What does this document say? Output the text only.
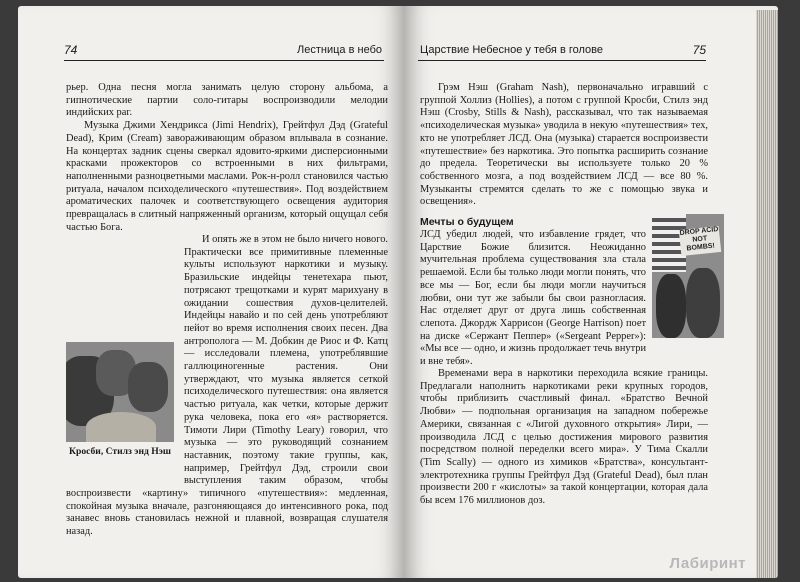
74	Лестница в небо

рьер. Одна песня могла занимать целую сторону альбома, а гипнотические партии соло-гитары воспроизводили мелодии индийских раг.

Музыка Джими Хендрикса (Jimi Hendrix), Грейтфул Дэд (Grateful Dead), Крим (Cream) завораживающим образом вплывала в сознание. На концертах задник сцены сверкал ядовито-яркими дисперсионными красками прожекторов со встроенными в них фильтрами, наполненными разноцветными маслами. Рок-н-ролл становился частью ритуала, началом психоделического «путешествия». Под воздействием ароматических палочек и соответствующего освещения аудитория превращалась в слитный напряженный организм, который ощущал себя частью Бога.

И опять же в этом не было ничего нового. Практически все примитивные племенные культы используют наркотики и музыку. Бразильские индейцы тенетехара пьют, потрясают трещотками и курят марихуану в ожидании сошествия духов-целителей. Индейцы навайо и по сей день употребляют пейот во время исполнения своих песен. Два антрополога — М. Добкин де Риос и Ф. Катц — исследовали племена, употреблявшие галлюциногенные растения. Они утверждают, что музыка является сеткой психоделического путешествия: она является частью ритуала, как четки, которые держит рука человека, пока его «я» растворяется. Тимоти Лири (Timothy Leary) говорил, что музыка — это руководящий сознанием наставник, поэтому такие группы, как, например, Грейтфул Дэд, строили свои выступления таким образом, чтобы воспроизвести «картину» типичного «путешествия»: медленная, спокойная музыка вначале, разгоняющаяся до интенсивного рока, под занавес вновь становилась нежной и плавной, возвращая слушателя назад.

Кросби, Стилз энд Нэш
Царствие Небесное у тебя в голове	75

Грэм Нэш (Graham Nash), первоначально игравший с группой Холлиз (Hollies), а потом с группой Кросби, Стилз энд Нэш (Crosby, Stills & Nash), рассказывал, что так называемая «психоделическая музыка» уводила в некую «путешествия» тех, кто не употребляет ЛСД. Она (музыка) старается воспроизвести «путешествие» без наркотика. Это попытка расширить сознание до предела. Теоретически вы используете только 20 % собственного мозга, а под воздействием ЛСД — все 80 %. Музыканты стремятся сделать то же с помощью звука и освещения».

Мечты о будущем

ЛСД убедил людей, что избавление грядет, что Царствие Божие близится. Неожиданно мучительная проблема существования зла стала решаемой. Если бы только люди могли понять, что все мы — Бог, если бы люди могли научиться любви, они тут же забыли бы свои разногласия. Нас отделяет друг от друга лишь собственная слепота. Джордж Харрисон (George Harrison) поет на диске «Сержант Пеппер» («Sergeant Pepper»): «Мы все — одно, и жизнь продолжает течь внутри и вне тебя».

DROP ACID NOT BOMBS!

Временами вера в наркотики переходила всякие границы. Предлагали наполнить наркотиками реки крупных городов, чтобы приблизить счастливый финал. «Братство Вечной Любви» — подпольная организация на западном побережье Америки, связанная с «Лигой духовного открытия» Лири, — производила ЛСД с целью достижения мирового развития посредством полной переделки всего мира». У Тима Скалли (Tim Scally) — одного из химиков «Братства», консультант-электротехника группы Грейтфул Дэд (Grateful Dead), был план произвести 200 г «кислоты» за такой концертации, которая дала бы всем 176 миллионов доз.

Лабиринт
